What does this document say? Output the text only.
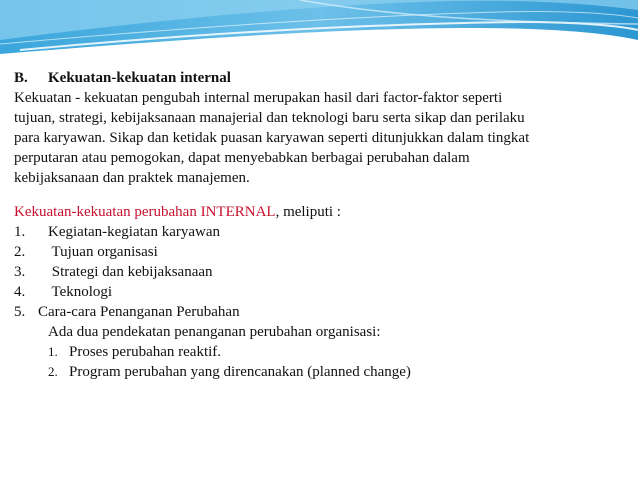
B. Kekuatan-kekuatan internal
Kekuatan - kekuatan pengubah internal merupakan hasil dari factor-faktor seperti
tujuan, strategi, kebijaksanaan manajerial dan teknologi baru serta sikap dan perilaku
para karyawan. Sikap dan ketidak puasan karyawan seperti ditunjukkan dalam tingkat
perputaran atau pemogokan, dapat menyebabkan berbagai perubahan dalam
kebijaksanaan dan praktek manajemen.
Kekuatan-kekuatan perubahan INTERNAL, meliputi :
1. Kegiatan-kegiatan karyawan
2. Tujuan organisasi
3. Strategi dan kebijaksanaan
4. Teknologi
5. Cara-cara Penanganan Perubahan
Ada dua pendekatan penanganan perubahan organisasi:
1. Proses perubahan reaktif.
2. Program perubahan yang direncanakan (planned change)
